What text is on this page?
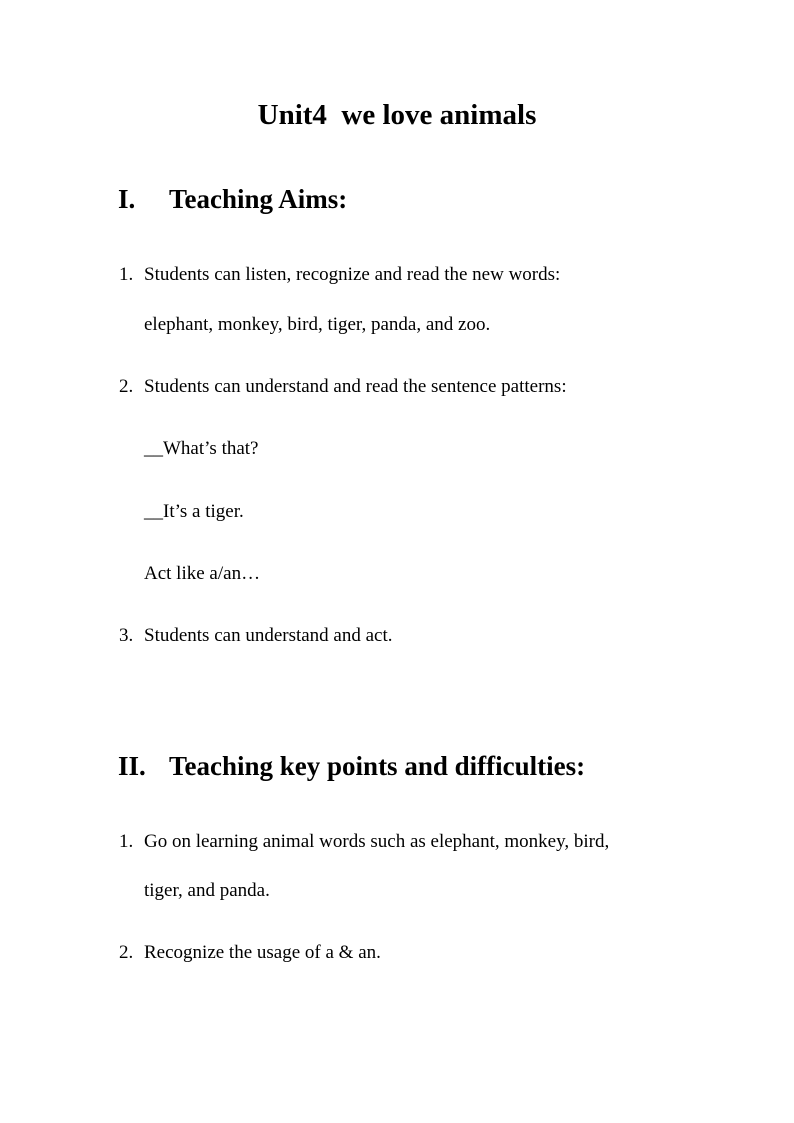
Unit4  we love animals
I. Teaching Aims:
1. Students can listen, recognize and read the new words:
elephant, monkey, bird, tiger, panda, and zoo.
2. Students can understand and read the sentence patterns:
__What’s that?
__It’s a tiger.
Act like a/an…
3. Students can understand and act.
II. Teaching key points and difficulties:
1. Go on learning animal words such as elephant, monkey, bird,
tiger, and panda.
2. Recognize the usage of a & an.
